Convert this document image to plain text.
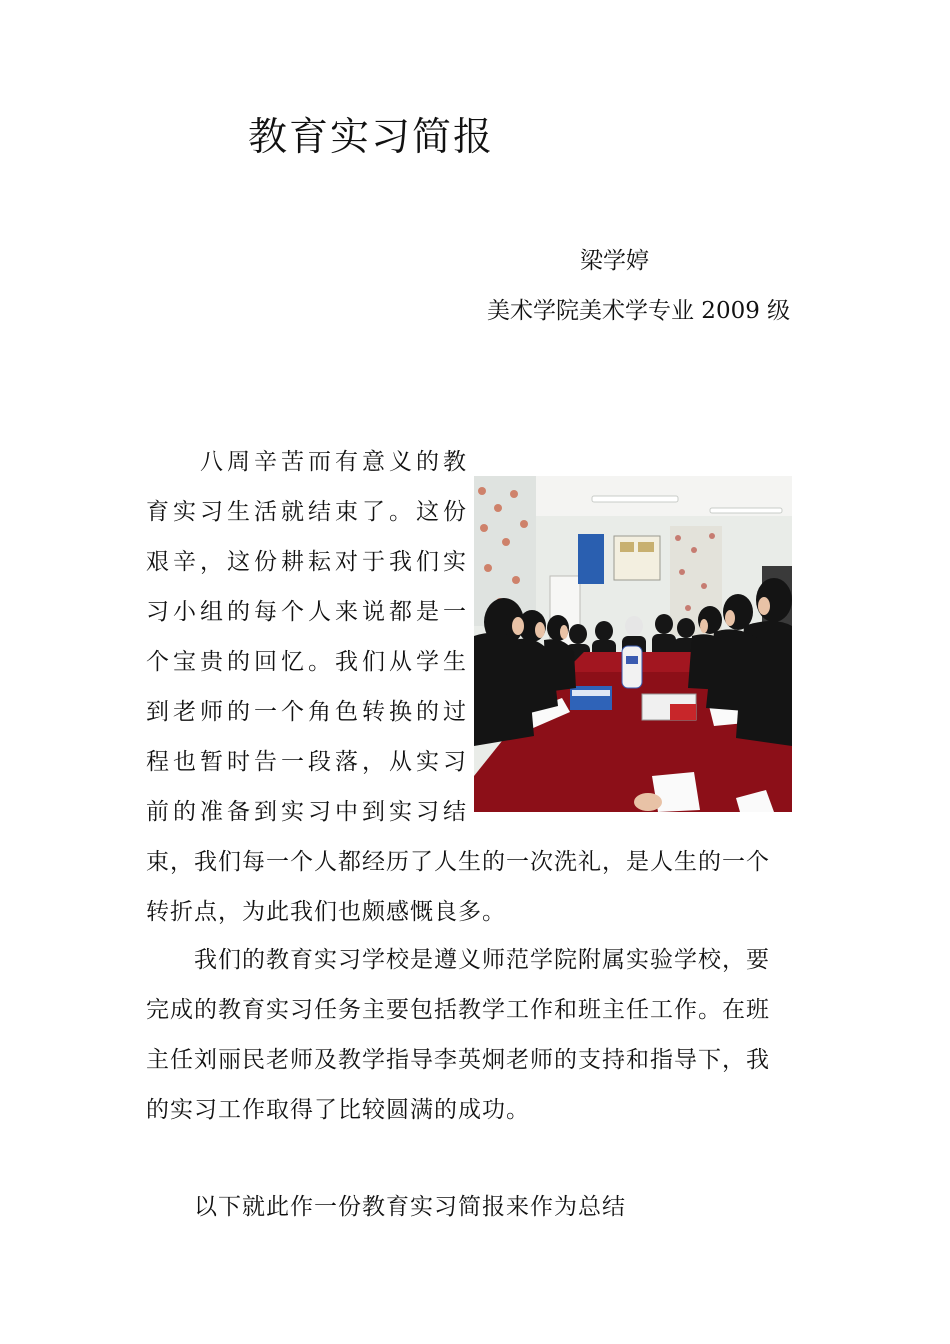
教育实习简报
梁学婷
美术学院美术学专业 2009 级
　　八周辛苦而有意义的教
育实习生活就结束了。这份
艰辛，这份耕耘对于我们实
习小组的每个人来说都是一
个宝贵的回忆。我们从学生
到老师的一个角色转换的过
程也暂时告一段落，从实习
前的准备到实习中到实习结
束，我们每一个人都经历了人生的一次洗礼，是人生的一个
转折点，为此我们也颇感慨良多。
　　我们的教育实习学校是遵义师范学院附属实验学校，要
完成的教育实习任务主要包括教学工作和班主任工作。在班
主任刘丽民老师及教学指导李英炯老师的支持和指导下，我
的实习工作取得了比较圆满的成功。
　　以下就此作一份教育实习简报来作为总结
